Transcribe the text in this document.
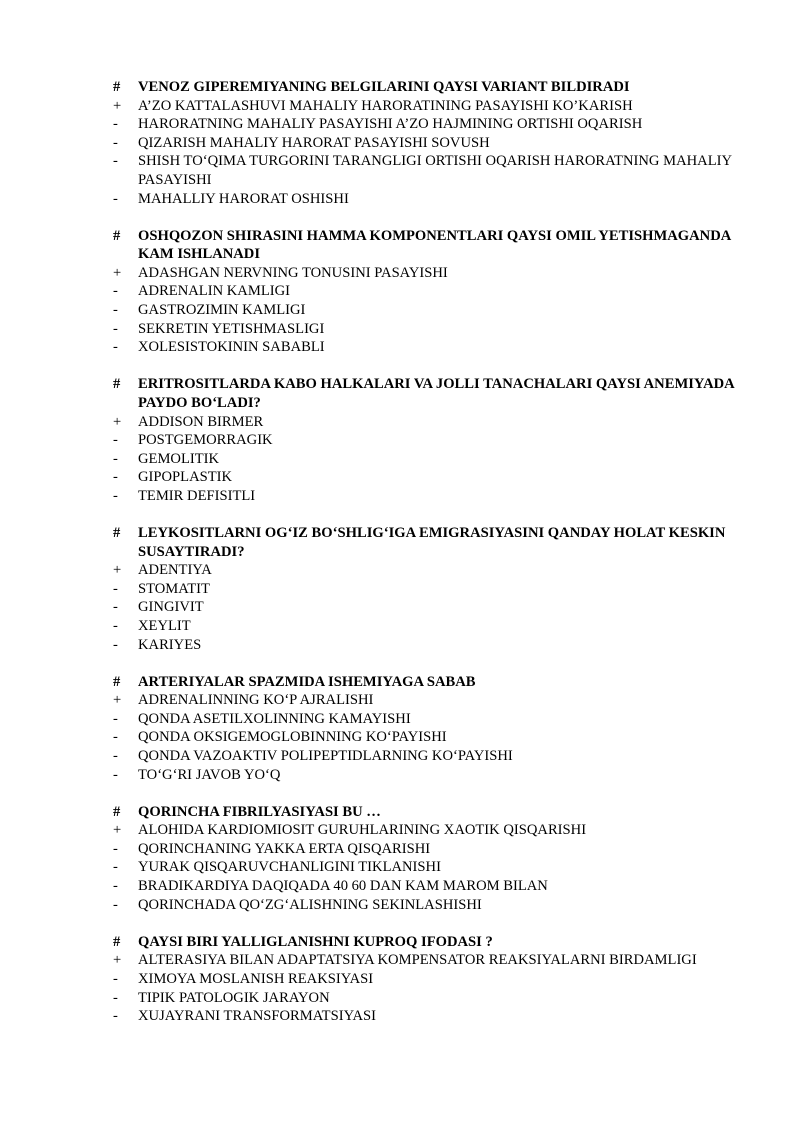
#	VENOZ GIPEREMIYANING BELGILARINI QAYSI VARIANT BILDIRADI
+	A’ZO KATTALASHUVI MAHALIY HARORATINING PASAYISHI KO’KARISH
-	HARORATNING MAHALIY PASAYISHI A’ZO HAJMINING ORTISHI OQARISH
-	QIZARISH MAHALIY HARORAT PASAYISHI SOVUSH
-	SHISH TO‘QIMA TURGORINI TARANGLIGI ORTISHI OQARISH HARORATNING MAHALIY PASAYISHI
-	MAHALLIY HARORAT OSHISHI
#	OSHQOZON SHIRASINI HAMMA KOMPONENTLARI QAYSI OMIL YETISHMAGANDA KAM ISHLANADI
+	ADASHGAN NERVNING TONUSINI PASAYISHI
-	ADRENALIN KAMLIGI
-	GASTROZIMIN KAMLIGI
-	SEKRETIN YETISHMASLIGI
-	XOLESISTOKININ SABABLI
#	ERITROSITLARDA KABO HALKALARI VA JOLLI TANACHALARI QAYSI ANEMIYADA PAYDO BO‘LADI?
+	ADDISON BIRMER
-	POSTGEMORRAGIK
-	GEMOLITIK
-	GIPOPLASTIK
-	TEMIR DEFISITLI
#	LEYKOSITLARNI OG‘IZ BO‘SHLIG‘IGA EMIGRASIYASINI QANDAY HOLAT KESKIN SUSAYTIRADI?
+	ADENTIYA
-	STOMATIT
-	GINGIVIT
-	XEYLIT
-	KARIYES
#	ARTERIYALAR SPAZMIDA ISHEMIYAGA SABAB
+	ADRENALINNING KO‘P AJRALISHI
-	QONDA ASETILXOLINNING KAMAYISHI
-	QONDA OKSIGEMOGLOBINNING KO‘PAYISHI
-	QONDA VAZOAKTIV POLIPEPTIDLARNING KO‘PAYISHI
-	TO‘G‘RI JAVOB YO‘Q
#	QORINCHA FIBRILYASIYASI BU …
+	ALOHIDA KARDIOMIOSIT GURUHLARINING XAOTIK QISQARISHI
-	QORINCHANING YAKKA ERTA QISQARISHI
-	YURAK QISQARUVCHANLIGINI TIKLANISHI
-	BRADIKARDIYA DAQIQADA 40 60 DAN KAM MAROM BILAN
-	QORINCHADA QO‘ZG‘ALISHNING SEKINLASHISHI
#	QAYSI BIRI YALLIGLANISHNI KUPROQ IFODASI ?
+	ALTERASIYA BILAN ADAPTATSIYA KOMPENSATOR REAKSIYALARNI BIRDAMLIGI
-	XIMOYA MOSLANISH REAKSIYASI
-	TIPIK PATOLOGIK JARAYON
-	XUJAYRANI TRANSFORMATSIYASI
